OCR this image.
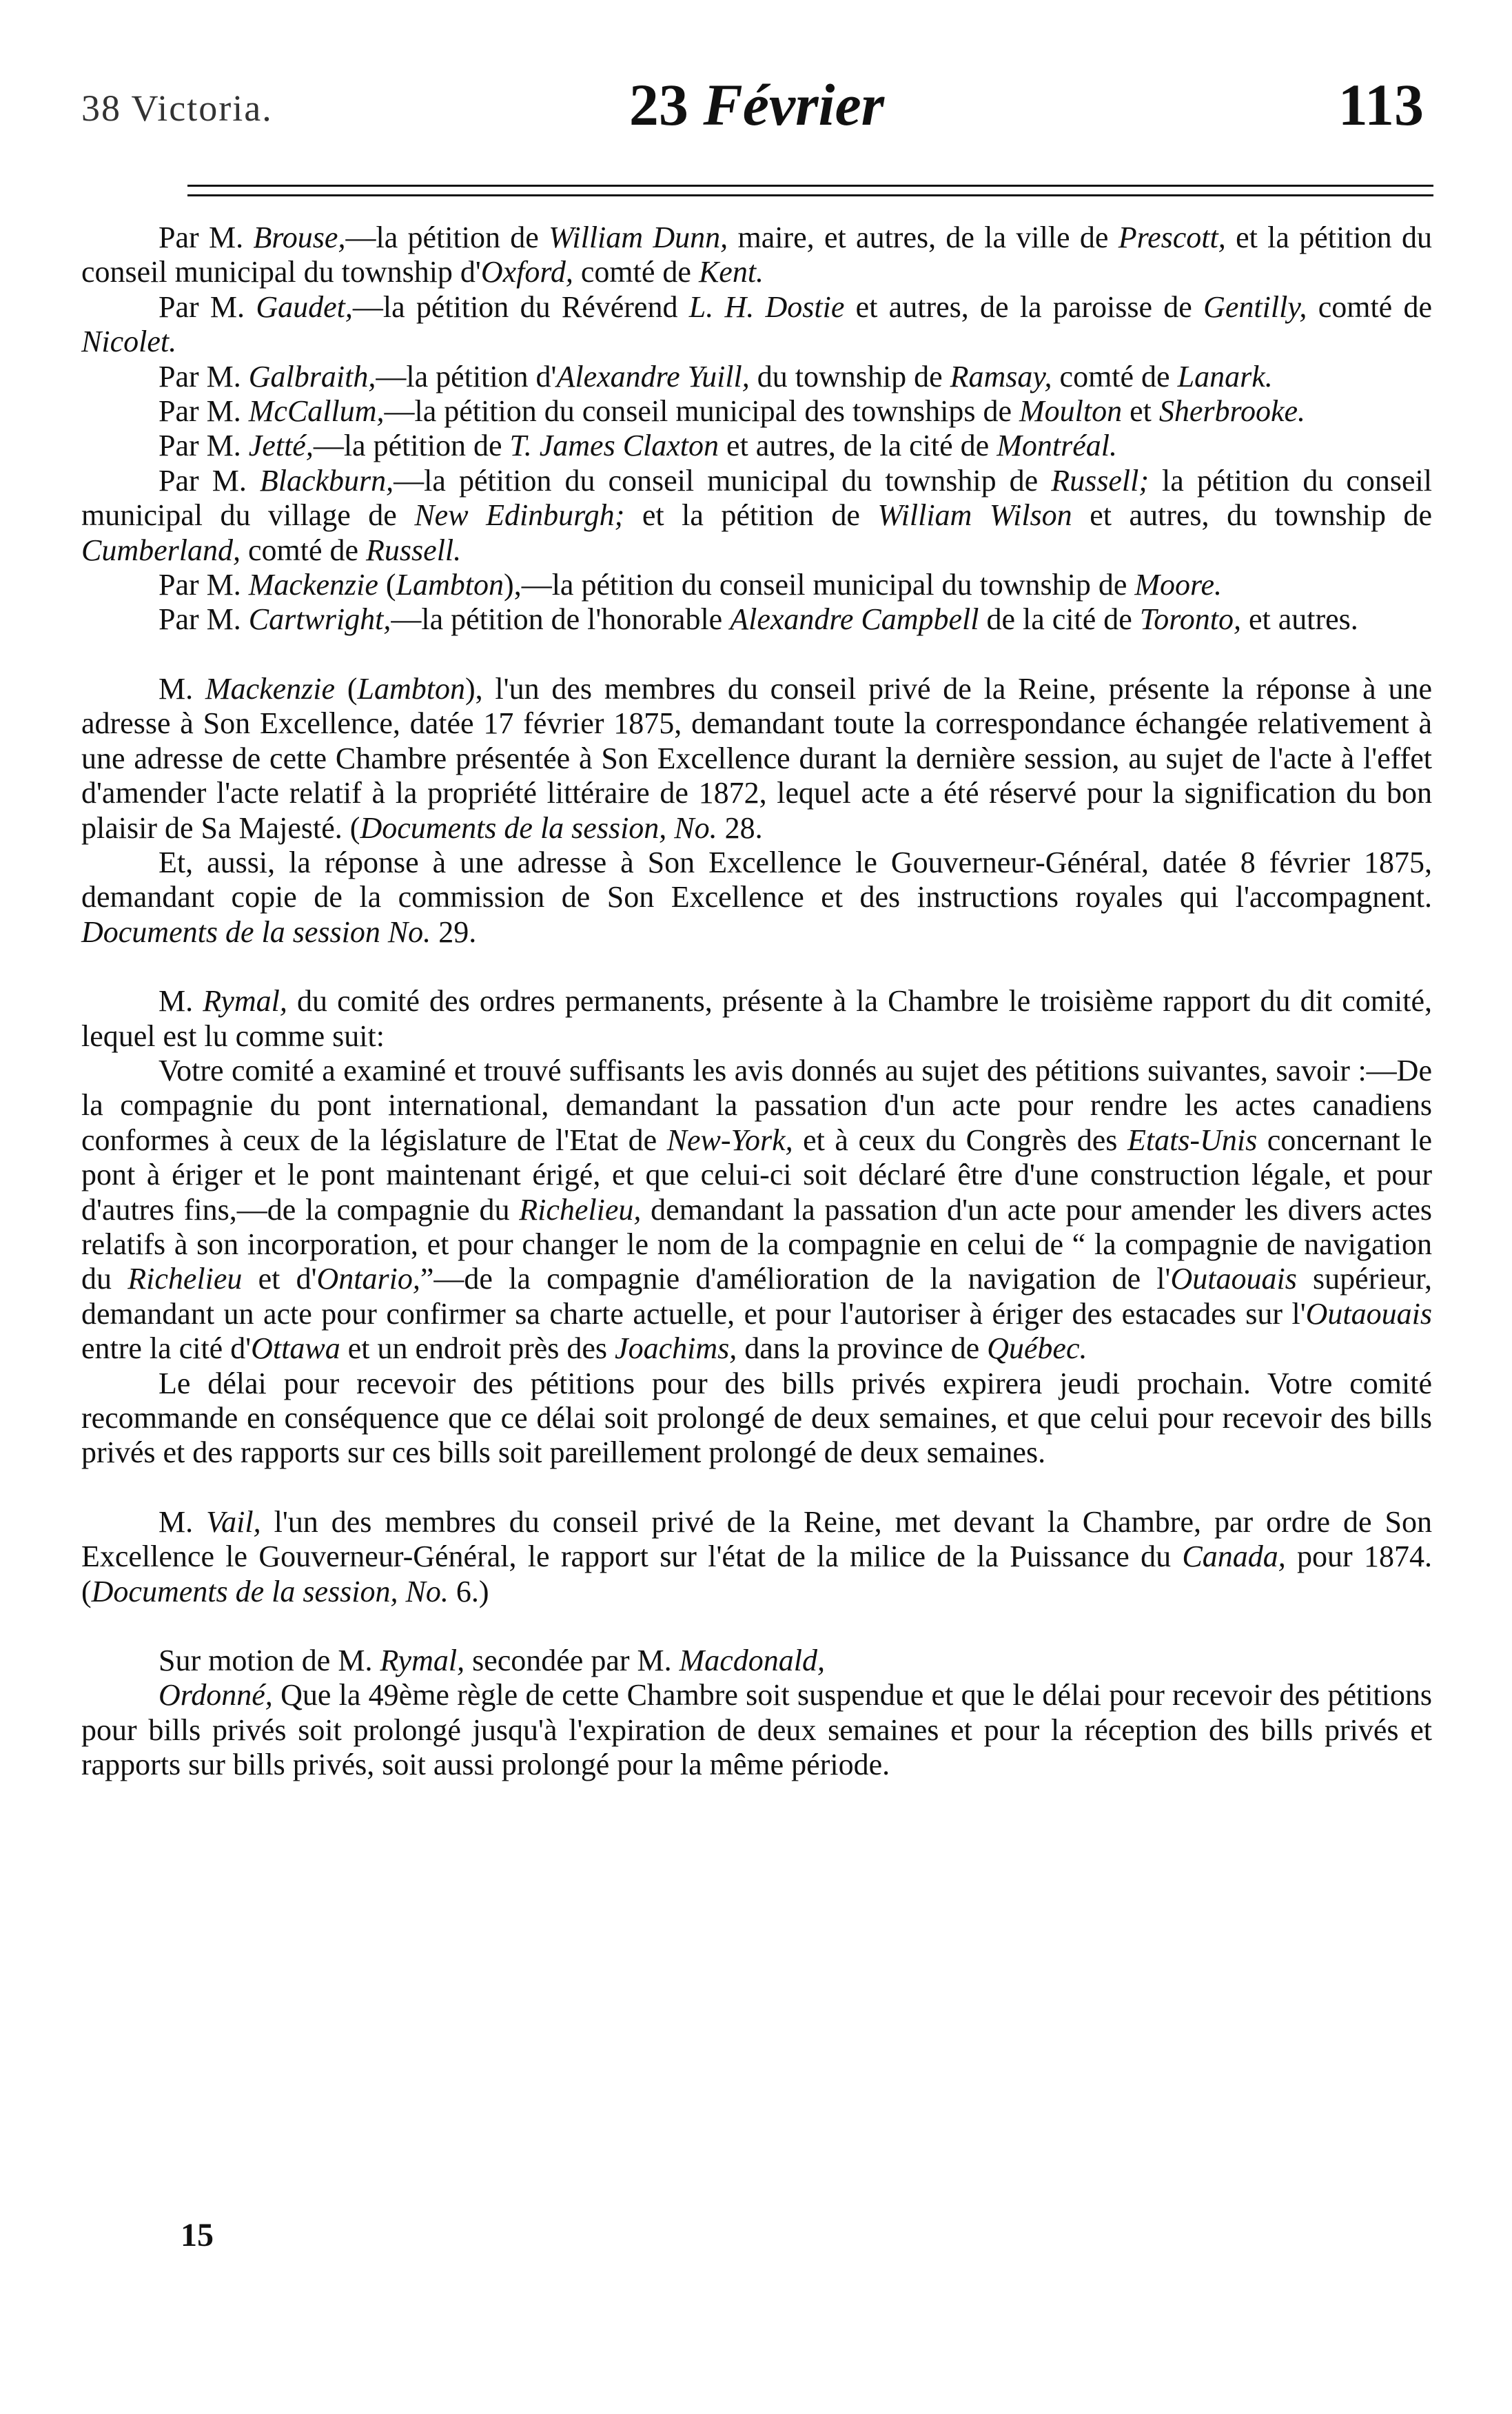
38 Victoria.	23 Février	113

Par M. Brouse,—la pétition de William Dunn, maire, et autres, de la ville de Prescott, et la pétition du conseil municipal du township d'Oxford, comté de Kent.

Par M. Gaudet,—la pétition du Révérend L. H. Dostie et autres, de la paroisse de Gentilly, comté de Nicolet.

Par M. Galbraith,—la pétition d'Alexandre Yuill, du township de Ramsay, comté de Lanark.

Par M. McCallum,—la pétition du conseil municipal des townships de Moulton et Sherbrooke.

Par M. Jetté,—la pétition de T. James Claxton et autres, de la cité de Montréal.

Par M. Blackburn,—la pétition du conseil municipal du township de Russell; la pétition du conseil municipal du village de New Edinburgh; et la pétition de William Wilson et autres, du township de Cumberland, comté de Russell.

Par M. Mackenzie (Lambton),—la pétition du conseil municipal du township de Moore.

Par M. Cartwright,—la pétition de l'honorable Alexandre Campbell de la cité de Toronto, et autres.

M. Mackenzie (Lambton), l'un des membres du conseil privé de la Reine, présente la réponse à une adresse à Son Excellence, datée 17 février 1875, demandant toute la correspondance échangée relativement à une adresse de cette Chambre présentée à Son Excellence durant la dernière session, au sujet de l'acte à l'effet d'amender l'acte relatif à la propriété littéraire de 1872, lequel acte a été réservé pour la signification du bon plaisir de Sa Majesté. (Documents de la session, No. 28.

Et, aussi, la réponse à une adresse à Son Excellence le Gouverneur-Général, datée 8 février 1875, demandant copie de la commission de Son Excellence et des instructions royales qui l'accompagnent. Documents de la session No. 29.

M. Rymal, du comité des ordres permanents, présente à la Chambre le troisième rapport du dit comité, lequel est lu comme suit:

Votre comité a examiné et trouvé suffisants les avis donnés au sujet des pétitions suivantes, savoir :—De la compagnie du pont international, demandant la passation d'un acte pour rendre les actes canadiens conformes à ceux de la législature de l'Etat de New-York, et à ceux du Congrès des Etats-Unis concernant le pont à ériger et le pont maintenant érigé, et que celui-ci soit déclaré être d'une construction légale, et pour d'autres fins,—de la compagnie du Richelieu, demandant la passation d'un acte pour amender les divers actes relatifs à son incorporation, et pour changer le nom de la compagnie en celui de “ la compagnie de navigation du Richelieu et d'Ontario,”—de la compagnie d'amélioration de la navigation de l'Outaouais supérieur, demandant un acte pour confirmer sa charte actuelle, et pour l'autoriser à ériger des estacades sur l'Outaouais entre la cité d'Ottawa et un endroit près des Joachims, dans la province de Québec.

Le délai pour recevoir des pétitions pour des bills privés expirera jeudi prochain. Votre comité recommande en conséquence que ce délai soit prolongé de deux semaines, et que celui pour recevoir des bills privés et des rapports sur ces bills soit pareillement prolongé de deux semaines.

M. Vail, l'un des membres du conseil privé de la Reine, met devant la Chambre, par ordre de Son Excellence le Gouverneur-Général, le rapport sur l'état de la milice de la Puissance du Canada, pour 1874. (Documents de la session, No. 6.)

Sur motion de M. Rymal, secondée par M. Macdonald,

Ordonné, Que la 49ème règle de cette Chambre soit suspendue et que le délai pour recevoir des pétitions pour bills privés soit prolongé jusqu'à l'expiration de deux semaines et pour la réception des bills privés et rapports sur bills privés, soit aussi prolongé pour la même période.

15
